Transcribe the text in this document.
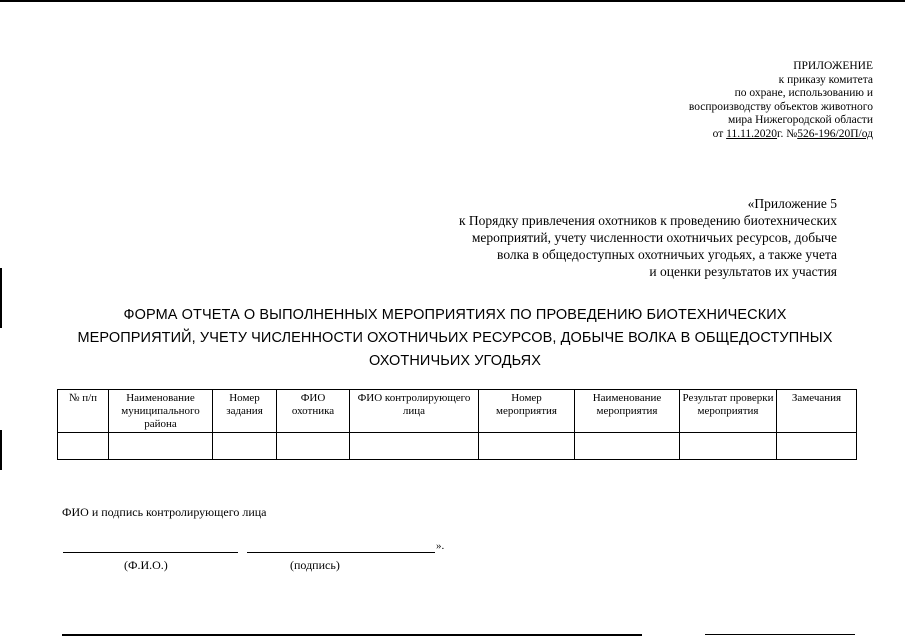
ПРИЛОЖЕНИЕ
к приказу комитета
по охране, использованию и
воспроизводству объектов животного
мира Нижегородской области
от 11.11.2020г. №526-196/20П/од
«Приложение 5
к Порядку привлечения охотников к проведению биотехнических
мероприятий, учету численности охотничьих ресурсов, добыче
волка в общедоступных охотничьих угодьях, а также учета
и оценки результатов их участия
ФОРМА ОТЧЕТА О ВЫПОЛНЕННЫХ МЕРОПРИЯТИЯХ ПО ПРОВЕДЕНИЮ БИОТЕХНИЧЕСКИХ
МЕРОПРИЯТИЙ, УЧЕТУ ЧИСЛЕННОСТИ ОХОТНИЧЬИХ РЕСУРСОВ, ДОБЫЧЕ ВОЛКА В ОБЩЕДОСТУПНЫХ
ОХОТНИЧЬИХ УГОДЬЯХ
№ п/п	Наименование муниципального района	Номер задания	ФИО охотника	ФИО контролирующего лица	Номер мероприятия	Наименование мероприятия	Результат проверки мероприятия	Замечания

ФИО и подпись контролирующего лица
».
(Ф.И.О.)	(подпись)
